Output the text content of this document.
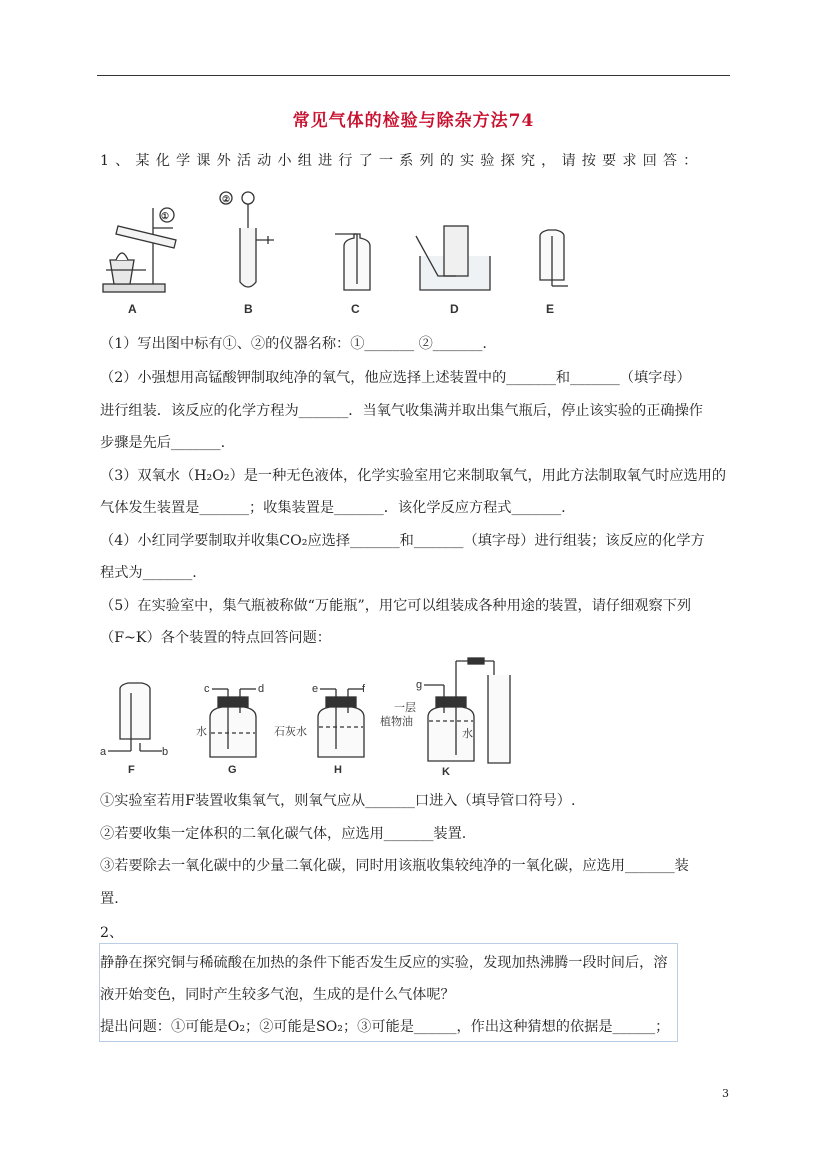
常见气体的检验与除杂方法74
1、某化学课外活动小组进行了一系列的实验探究，请按要求回答：
①
A
②
B	C	D	E
（1）写出图中标有①、②的仪器名称：①_______ ②_______.
（2）小强想用高锰酸钾制取纯净的氧气，他应选择上述装置中的_______和_______（填字母）
进行组装．该反应的化学方程为_______．当氧气收集满并取出集气瓶后，停止该实验的正确操作
步骤是先后_______.
（3）双氧水（H₂O₂）是一种无色液体，化学实验室用它来制取氧气，用此方法制取氧气时应选用的
气体发生装置是_______；收集装置是_______．该化学反应方程式_______.
（4）小红同学要制取并收集CO₂应选择_______和_______（填字母）进行组装；该反应的化学方
程式为_______.
（5）在实验室中，集气瓶被称做“万能瓶”，用它可以组装成各种用途的装置，请仔细观察下列
（F~K）各个装置的特点回答问题：
a	b
F
c	d
水
G
e	f
石灰水
H
g
一层
植物油
水
K
①实验室若用F装置收集氧气，则氧气应从_______口进入（填导管口符号）.
②若要收集一定体积的二氧化碳气体，应选用_______装置.
③若要除去一氧化碳中的少量二氧化碳，同时用该瓶收集较纯净的一氧化碳，应选用_______装
置.
2、
静静在探究铜与稀硫酸在加热的条件下能否发生反应的实验，发现加热沸腾一段时间后，溶
液开始变色，同时产生较多气泡，生成的是什么气体呢？
提出问题：①可能是O₂；②可能是SO₂；③可能是______，作出这种猜想的依据是______；
3
